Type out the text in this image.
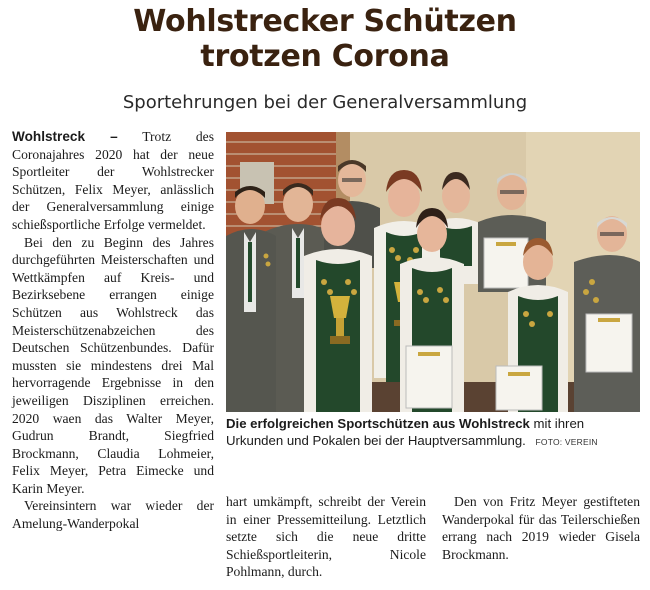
Wohlstrecker Schützen
trotzen Corona
Sportehrungen bei der Generalversammlung

Wohlstreck – Trotz des Coronajahres 2020 hat der neue Sportleiter der Wohlstrecker Schützen, Felix Meyer, anlässlich der Generalversammlung einige schießsportliche Erfolge vermeldet.

Bei den zu Beginn des Jahres durchgeführten Meisterschaften und Wettkämpfen auf Kreis- und Bezirksebene errangen einige Schützen aus Wohlstreck das Meisterschützenabzeichen des Deutschen Schützenbundes. Dafür mussten sie mindestens drei Mal hervorragende Ergebnisse in den jeweiligen Disziplinen erreichen. 2020 waen das Walter Meyer, Gudrun Brandt, Siegfried Brockmann, Claudia Lohmeier, Felix Meyer, Petra Eimecke und Karin Meyer.

Vereinsintern war wieder der Amelung-Wanderpokal

Die erfolgreichen Sportschützen aus Wohlstreck mit ihren Urkunden und Pokalen bei der Hauptversammlung. FOTO: VEREIN

hart umkämpft, schreibt der Verein in einer Pressemitteilung. Letztlich setzte sich die neue dritte Schießsportleiterin, Nicole Pohlmann, durch.

Den von Fritz Meyer gestifteten Wanderpokal für das Teilerschießen errang nach 2019 wieder Gisela Brockmann.
